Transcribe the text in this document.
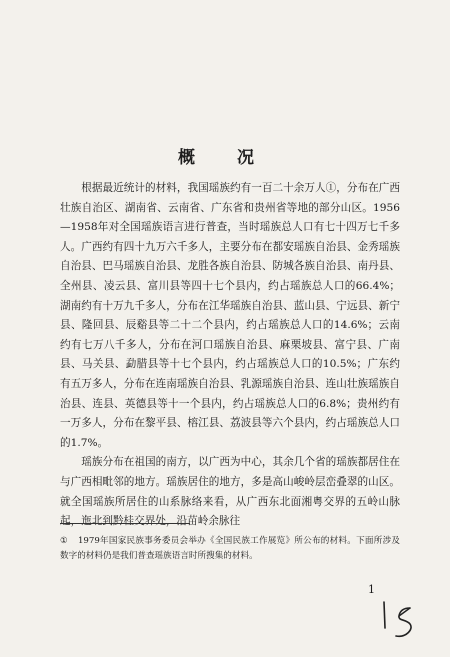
概 况

根据最近统计的材料，我国瑶族约有一百二十余万人①，分布在广西壮族自治区、湖南省、云南省、广东省和贵州省等地的部分山区。1956—1958年对全国瑶族语言进行普查，当时瑶族总人口有七十四万七千多人。广西约有四十九万六千多人，主要分布在都安瑶族自治县、金秀瑶族自治县、巴马瑶族自治县、龙胜各族自治县、防城各族自治县、南丹县、全州县、凌云县、富川县等四十七个县内，约占瑶族总人口的66.4%；湖南约有十万九千多人，分布在江华瑶族自治县、蓝山县、宁远县、新宁县、隆回县、辰谿县等二十二个县内，约占瑶族总人口的14.6%；云南约有七万八千多人，分布在河口瑶族自治县、麻栗坡县、富宁县、广南县、马关县、勐腊县等十七个县内，约占瑶族总人口的10.5%；广东约有五万多人，分布在连南瑶族自治县、乳源瑶族自治县、连山壮族瑶族自治县、连县、英德县等十一个县内，约占瑶族总人口的6.8%；贵州约有一万多人，分布在黎平县、榕江县、荔波县等六个县内，约占瑶族总人口的1.7%。

瑶族分布在祖国的南方，以广西为中心，其余几个省的瑶族都居住在与广西相毗邻的地方。瑶族居住的地方，多是高山峻岭层峦叠翠的山区。就全国瑶族所居住的山系脉络来看，从广西东北面湘粤交界的五岭山脉起，迤北到黔桂交界处，沿苗岭余脉往

① 1979年国家民族事务委员会举办《全国民族工作展览》所公布的材料。下面所涉及数字的材料仍是我们普查瑶族语言时所搜集的材料。
1
